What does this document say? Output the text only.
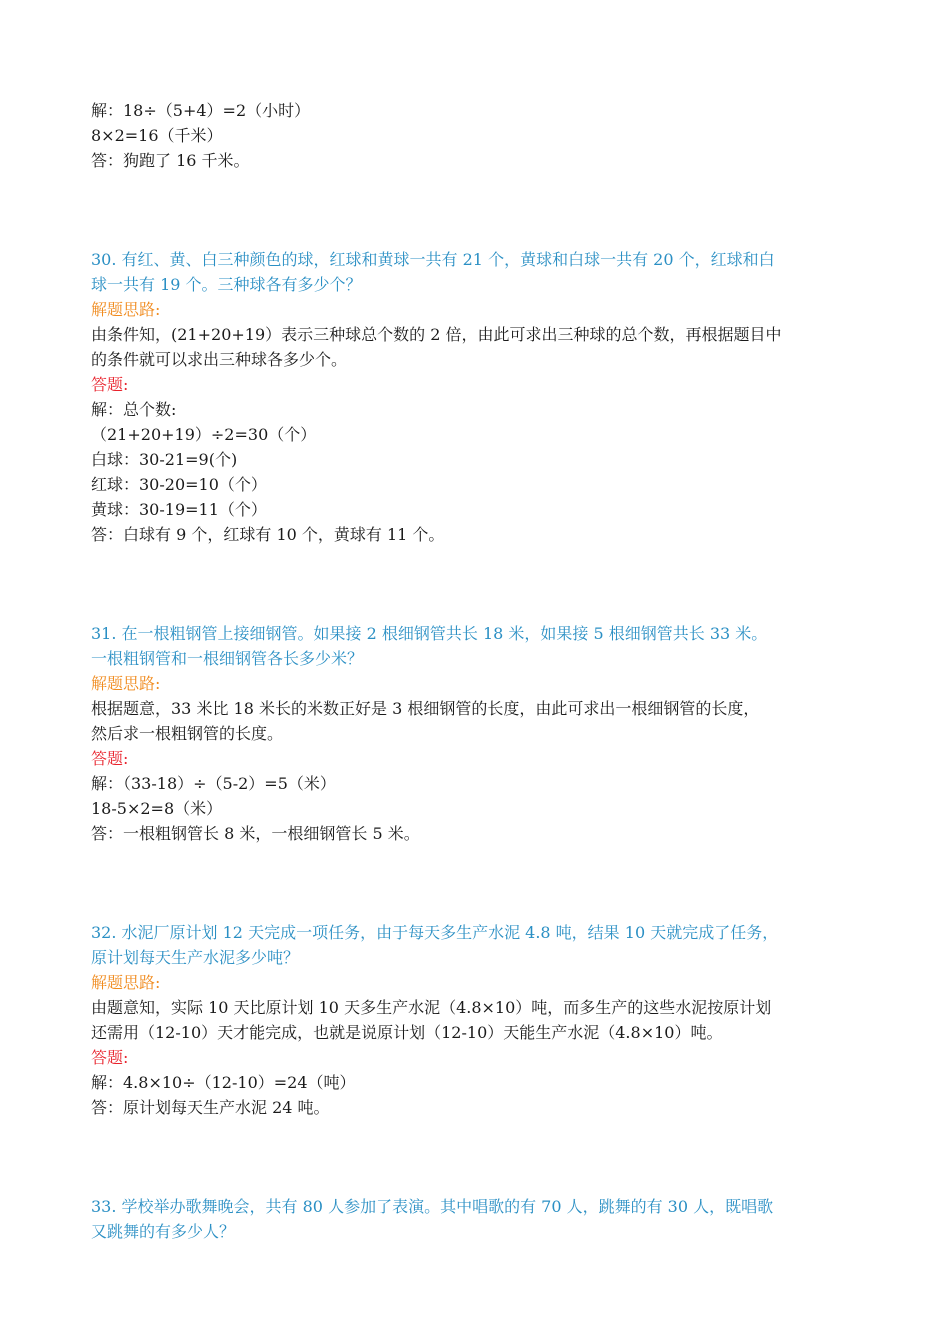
解：18÷（5+4）=2（小时）
8×2=16（千米）
答：狗跑了 16 千米。
30. 有红、黄、白三种颜色的球，红球和黄球一共有 21 个，黄球和白球一共有 20 个，红球和白
球一共有 19 个。三种球各有多少个？
解题思路:
由条件知，(21+20+19）表示三种球总个数的 2 倍，由此可求出三种球的总个数，再根据题目中
的条件就可以求出三种球各多少个。
答题:
解：总个数:
（21+20+19）÷2=30（个）
白球：30-21=9(个)
红球：30-20=10（个）
黄球：30-19=11（个）
答：白球有 9 个，红球有 10 个，黄球有 11 个。
31. 在一根粗钢管上接细钢管。如果接 2 根细钢管共长 18 米，如果接 5 根细钢管共长 33 米。
一根粗钢管和一根细钢管各长多少米？
解题思路:
根据题意，33 米比 18 米长的米数正好是 3 根细钢管的长度，由此可求出一根细钢管的长度，
然后求一根粗钢管的长度。
答题:
解：（33-18）÷（5-2）=5（米）
18-5×2=8（米）
答：一根粗钢管长 8 米，一根细钢管长 5 米。
32. 水泥厂原计划 12 天完成一项任务，由于每天多生产水泥 4.8 吨，结果 10 天就完成了任务，
原计划每天生产水泥多少吨？
解题思路:
由题意知，实际 10 天比原计划 10 天多生产水泥（4.8×10）吨，而多生产的这些水泥按原计划
还需用（12-10）天才能完成，也就是说原计划（12-10）天能生产水泥（4.8×10）吨。
答题:
解：4.8×10÷（12-10）=24（吨）
答：原计划每天生产水泥 24 吨。
33. 学校举办歌舞晚会，共有 80 人参加了表演。其中唱歌的有 70 人，跳舞的有 30 人，既唱歌
又跳舞的有多少人？
